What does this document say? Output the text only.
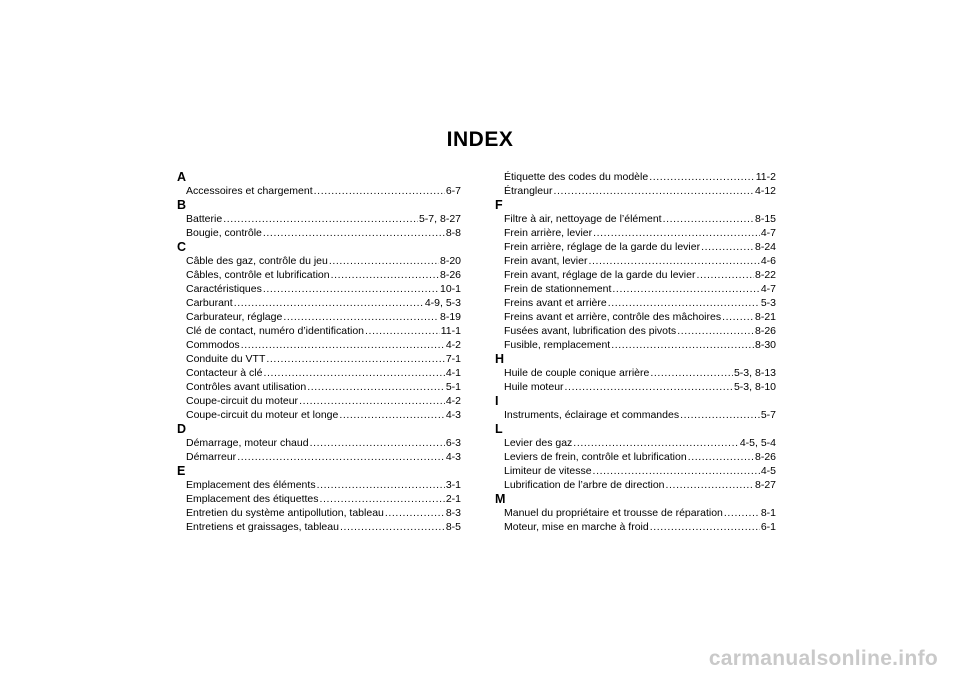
INDEX
A
Accessoires et chargement .....	6-7
B
Batterie .....	5-7, 8-27
Bougie, contrôle .....	8-8
C
Câble des gaz, contrôle du jeu .....	8-20
Câbles, contrôle et lubrification .....	8-26
Caractéristiques .....	10-1
Carburant .....	4-9, 5-3
Carburateur, réglage .....	8-19
Clé de contact, numéro d’identification .....	11-1
Commodos .....	4-2
Conduite du VTT .....	7-1
Contacteur à clé .....	4-1
Contrôles avant utilisation .....	5-1
Coupe-circuit du moteur .....	4-2
Coupe-circuit du moteur et longe .....	4-3
D
Démarrage, moteur chaud .....	6-3
Démarreur .....	4-3
E
Emplacement des éléments .....	3-1
Emplacement des étiquettes .....	2-1
Entretien du système antipollution, tableau .....	8-3
Entretiens et graissages, tableau .....	8-5
Étiquette des codes du modèle .....	11-2
Étrangleur .....	4-12
F
Filtre à air, nettoyage de l’élément .....	8-15
Frein arrière, levier .....	4-7
Frein arrière, réglage de la garde du levier .....	8-24
Frein avant, levier .....	4-6
Frein avant, réglage de la garde du levier .....	8-22
Frein de stationnement .....	4-7
Freins avant et arrière .....	5-3
Freins avant et arrière, contrôle des mâchoires .....	8-21
Fusées avant, lubrification des pivots .....	8-26
Fusible, remplacement .....	8-30
H
Huile de couple conique arrière .....	5-3, 8-13
Huile moteur .....	5-3, 8-10
I
Instruments, éclairage et commandes .....	5-7
L
Levier des gaz .....	4-5, 5-4
Leviers de frein, contrôle et lubrification .....	8-26
Limiteur de vitesse .....	4-5
Lubrification de l’arbre de direction .....	8-27
M
Manuel du propriétaire et trousse de réparation .....	8-1
Moteur, mise en marche à froid .....	6-1
carmanualsonline.info
